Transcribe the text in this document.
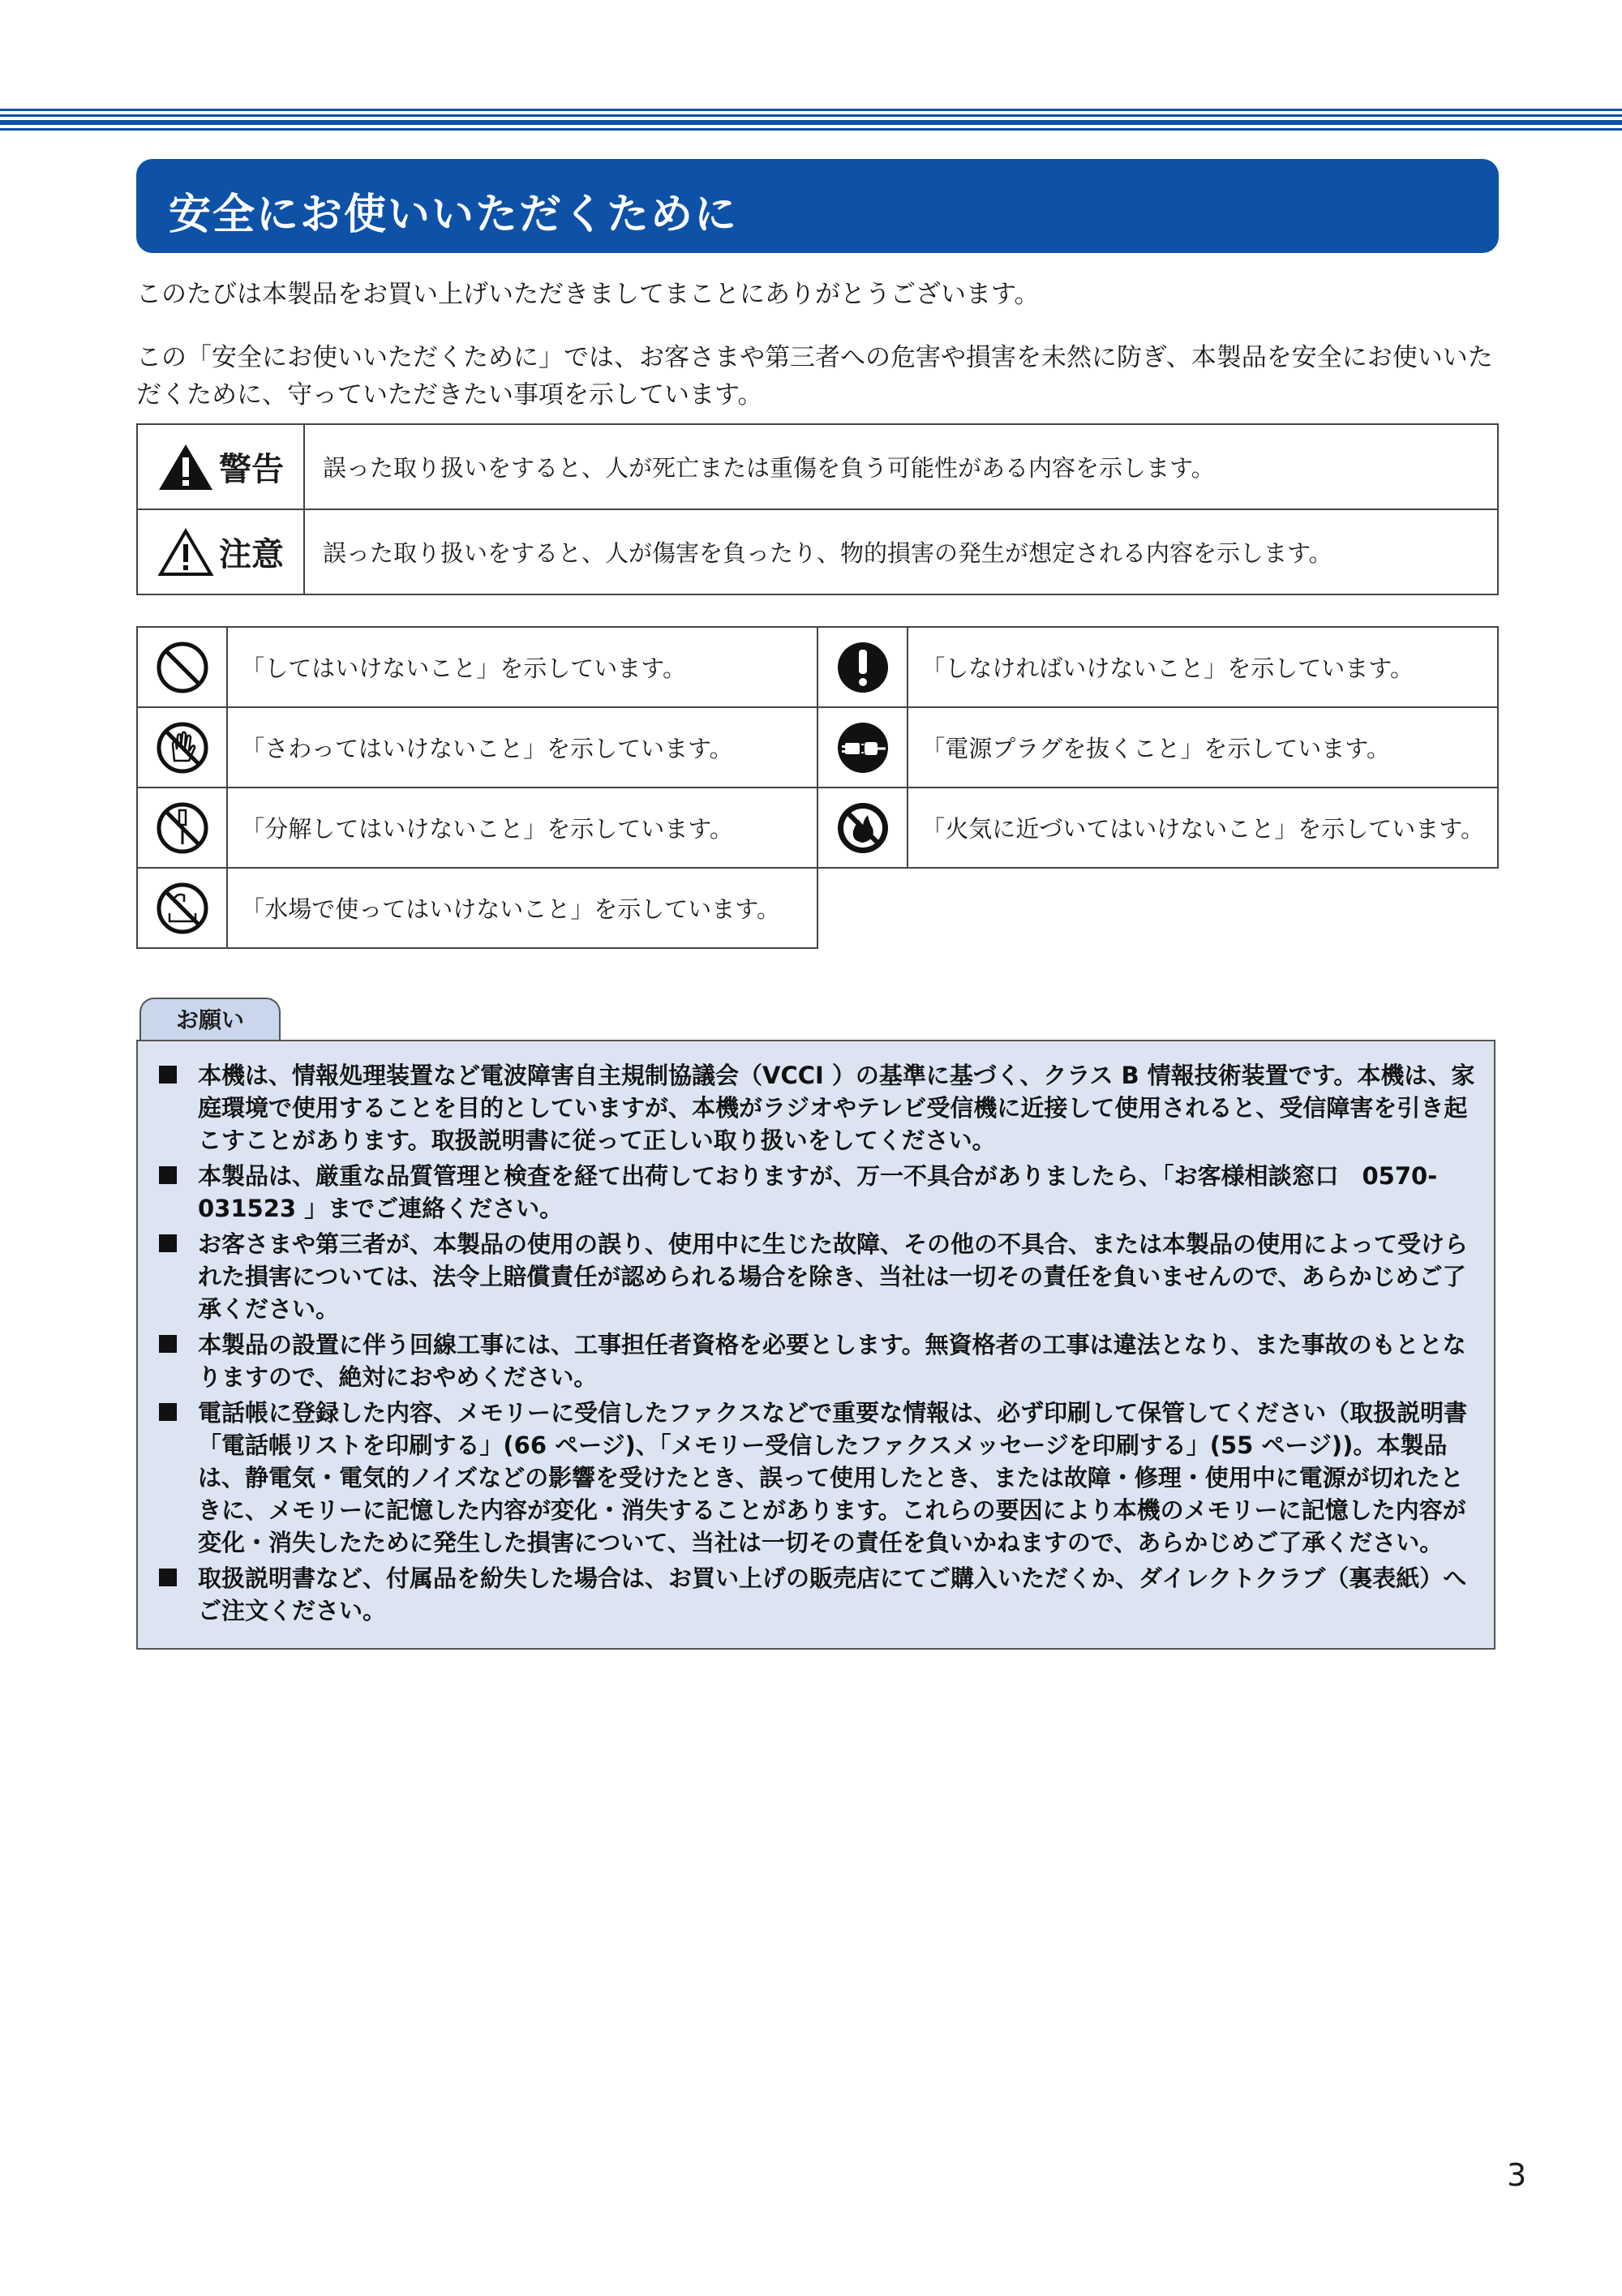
安全にお使いいただくために
このたびは本製品をお買い上げいただきましてまことにありがとうございます。
この「安全にお使いいただくために」では、お客さまや第三者への危害や損害を未然に防ぎ、本製品を安全にお使いいただくために、守っていただきたい事項を示しています。
警告	誤った取り扱いをすると、人が死亡または重傷を負う可能性がある内容を示します。

注意	誤った取り扱いをすると、人が傷害を負ったり、物的損害の発生が想定される内容を示します。
	「してはいけないこと」を示しています。		「しなければいけないこと」を示しています。

	「さわってはいけないこと」を示しています。		「電源プラグを抜くこと」を示しています。

	「分解してはいけないこと」を示しています。		「火気に近づいてはいけないこと」を示しています。

	「水場で使ってはいけないこと」を示しています。		
お願い
本機は、情報処理装置など電波障害自主規制協議会（VCCI ）の基準に基づく、クラス B 情報技術装置です。本機は、家庭環境で使用することを目的としていますが、本機がラジオやテレビ受信機に近接して使用されると、受信障害を引き起こすことがあります。取扱説明書に従って正しい取り扱いをしてください。
本製品は、厳重な品質管理と検査を経て出荷しておりますが、万一不具合がありましたら、「お客様相談窓口　0570-031523 」までご連絡ください。
お客さまや第三者が、本製品の使用の誤り、使用中に生じた故障、その他の不具合、または本製品の使用によって受けられた損害については、法令上賠償責任が認められる場合を除き、当社は一切その責任を負いませんので、あらかじめご了承ください。
本製品の設置に伴う回線工事には、工事担任者資格を必要とします。無資格者の工事は違法となり、また事故のもととなりますので、絶対におやめください。
電話帳に登録した内容、メモリーに受信したファクスなどで重要な情報は、必ず印刷して保管してください（取扱説明書「電話帳リストを印刷する」(66 ページ)、「メモリー受信したファクスメッセージを印刷する」(55 ページ))。本製品は、静電気・電気的ノイズなどの影響を受けたとき、誤って使用したとき、または故障・修理・使用中に電源が切れたときに、メモリーに記憶した内容が変化・消失することがあります。これらの要因により本機のメモリーに記憶した内容が変化・消失したために発生した損害について、当社は一切その責任を負いかねますので、あらかじめご了承ください。
取扱説明書など、付属品を紛失した場合は、お買い上げの販売店にてご購入いただくか、ダイレクトクラブ（裏表紙）へご注文ください。
3
